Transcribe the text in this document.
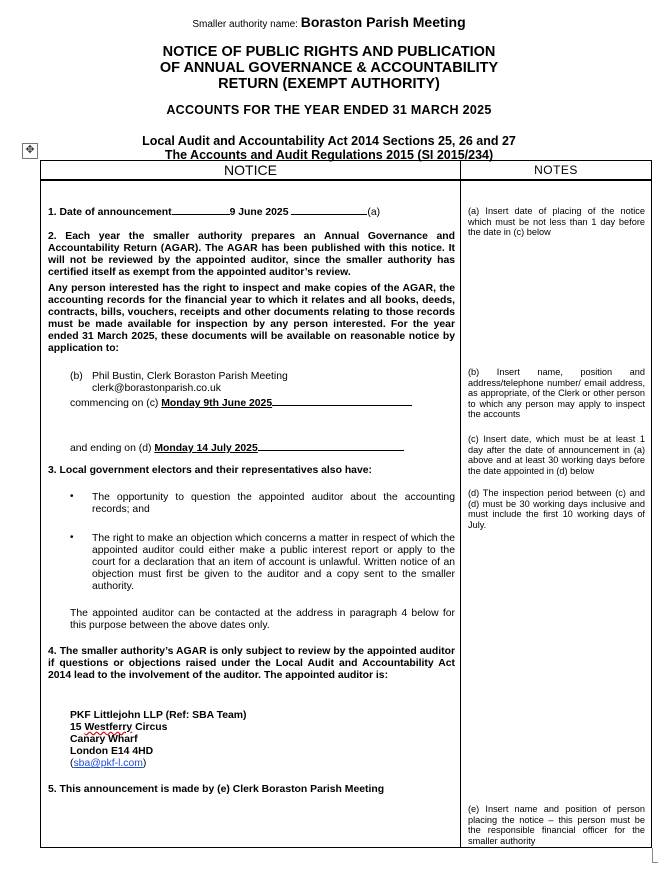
Smaller authority name: Boraston Parish Meeting
NOTICE OF PUBLIC RIGHTS AND PUBLICATION
OF ANNUAL GOVERNANCE & ACCOUNTABILITY
RETURN (EXEMPT AUTHORITY)
ACCOUNTS FOR THE YEAR ENDED 31 MARCH 2025
Local Audit and Accountability Act 2014 Sections 25, 26 and 27
The Accounts and Audit Regulations 2015 (SI 2015/234)
✥
NOTICE	NOTES
1. Date of announcement	9 June 2025	(a)
2. Each year the smaller authority prepares an Annual Governance and Accountability Return (AGAR). The AGAR has been published with this notice. It will not be reviewed by the appointed auditor, since the smaller authority has certified itself as exempt from the appointed auditor’s review.
Any person interested has the right to inspect and make copies of the AGAR, the accounting records for the financial year to which it relates and all books, deeds, contracts, bills, vouchers, receipts and other documents relating to those records must be made available for inspection by any person interested. For the year ended 31 March 2025, these documents will be available on reasonable notice by application to:
(b) Phil Bustin, Clerk Boraston Parish Meeting
clerk@borastonparish.co.uk
commencing on (c) Monday 9th June 2025
and ending on (d) Monday 14 July 2025
3. Local government electors and their representatives also have:
• The opportunity to question the appointed auditor about the accounting records; and
• The right to make an objection which concerns a matter in respect of which the appointed auditor could either make a public interest report or apply to the court for a declaration that an item of account is unlawful. Written notice of an objection must first be given to the auditor and a copy sent to the smaller authority.
The appointed auditor can be contacted at the address in paragraph 4 below for this purpose between the above dates only.
4. The smaller authority’s AGAR is only subject to review by the appointed auditor if questions or objections raised under the Local Audit and Accountability Act 2014 lead to the involvement of the auditor. The appointed auditor is:
PKF Littlejohn LLP (Ref: SBA Team)
15 Westferry Circus
Canary Wharf
London E14 4HD
(sba@pkf-l.com)
5. This announcement is made by (e) Clerk Boraston Parish Meeting
(a) Insert date of placing of the notice which must be not less than 1 day before the date in (c) below
(b) Insert name, position and address/telephone number/ email address, as appropriate, of the Clerk or other person to which any person may apply to inspect the accounts
(c) Insert date, which must be at least 1 day after the date of announcement in (a) above and at least 30 working days before the date appointed in (d) below
(d) The inspection period between (c) and (d) must be 30 working days inclusive and must include the first 10 working days of July.
(e) Insert name and position of person placing the notice – this person must be the responsible financial officer for the smaller authority
